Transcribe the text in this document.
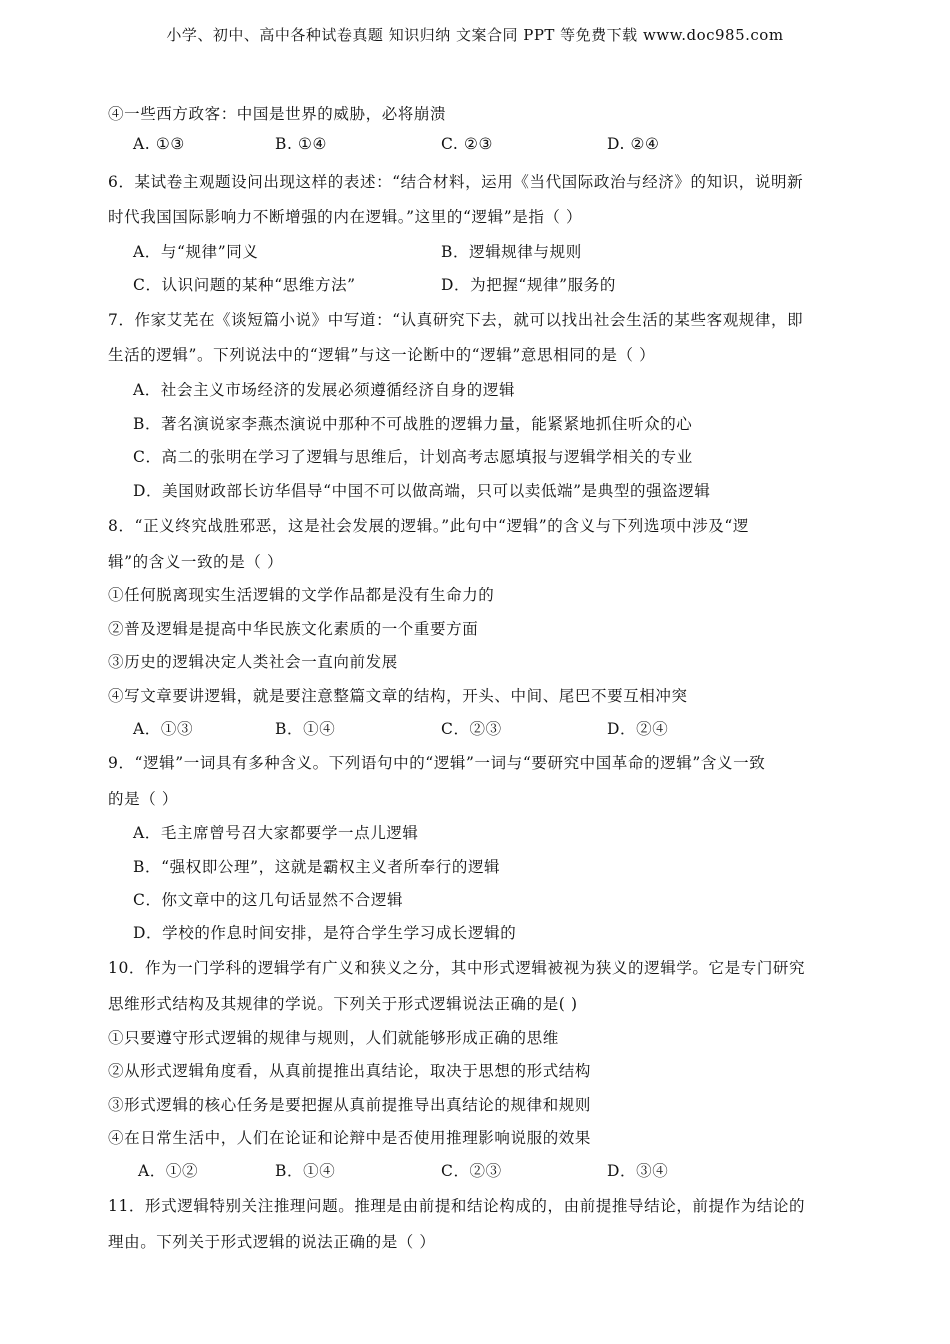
小学、初中、高中各种试卷真题 知识归纳 文案合同 PPT 等免费下载 www.doc985.com
④一些西方政客：中国是世界的威胁，必将崩溃
A. ①③	B. ①④	C. ②③	D. ②④
6．某试卷主观题设问出现这样的表述：“结合材料，运用《当代国际政治与经济》的知识，说明新
时代我国国际影响力不断增强的内在逻辑。”这里的“逻辑”是指（ ）
A．与“规律”同义	B．逻辑规律与规则
C．认识问题的某种“思维方法”	D．为把握“规律”服务的
7．作家艾芜在《谈短篇小说》中写道：“认真研究下去，就可以找出社会生活的某些客观规律，即
生活的逻辑”。下列说法中的“逻辑”与这一论断中的“逻辑”意思相同的是（ ）
A．社会主义市场经济的发展必须遵循经济自身的逻辑
B．著名演说家李燕杰演说中那种不可战胜的逻辑力量，能紧紧地抓住听众的心
C．高二的张明在学习了逻辑与思维后，计划高考志愿填报与逻辑学相关的专业
D．美国财政部长访华倡导“中国不可以做高端，只可以卖低端”是典型的强盗逻辑
8．“正义终究战胜邪恶，这是社会发展的逻辑。”此句中“逻辑”的含义与下列选项中涉及“逻
辑”的含义一致的是（ ）
①任何脱离现实生活逻辑的文学作品都是没有生命力的
②普及逻辑是提高中华民族文化素质的一个重要方面
③历史的逻辑决定人类社会一直向前发展
④写文章要讲逻辑，就是要注意整篇文章的结构，开头、中间、尾巴不要互相冲突
A．①③	B．①④	C．②③	D．②④
9．“逻辑”一词具有多种含义。下列语句中的“逻辑”一词与“要研究中国革命的逻辑”含义一致
的是（ ）
A．毛主席曾号召大家都要学一点儿逻辑
B．“强权即公理”，这就是霸权主义者所奉行的逻辑
C．你文章中的这几句话显然不合逻辑
D．学校的作息时间安排，是符合学生学习成长逻辑的
10．作为一门学科的逻辑学有广义和狭义之分，其中形式逻辑被视为狭义的逻辑学。它是专门研究
思维形式结构及其规律的学说。下列关于形式逻辑说法正确的是( )
①只要遵守形式逻辑的规律与规则，人们就能够形成正确的思维
②从形式逻辑角度看，从真前提推出真结论，取决于思想的形式结构
③形式逻辑的核心任务是要把握从真前提推导出真结论的规律和规则
④在日常生活中，人们在论证和论辩中是否使用推理影响说服的效果
A．①②	B．①④	C．②③	D．③④
11．形式逻辑特别关注推理问题。推理是由前提和结论构成的，由前提推导结论，前提作为结论的
理由。下列关于形式逻辑的说法正确的是（ ）
